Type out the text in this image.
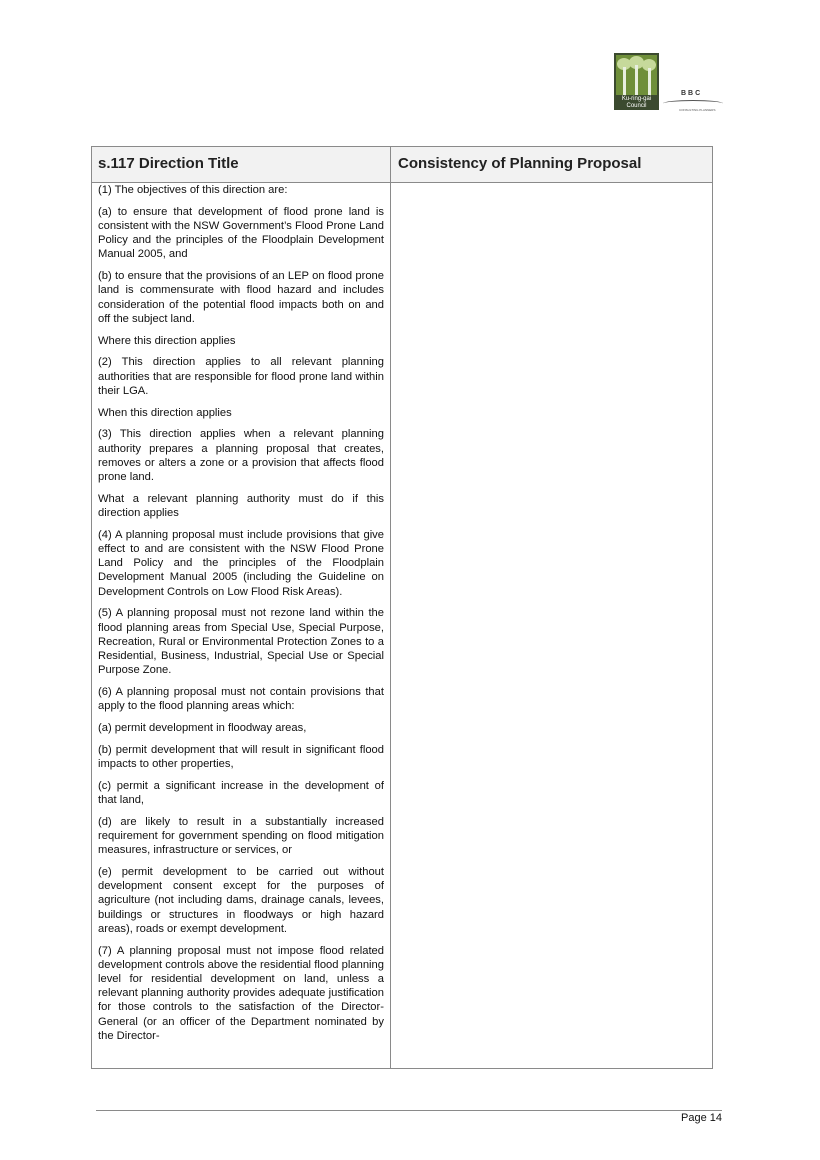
Ku-ring-gai Council
BBC
CONSULTING PLANNERS
s.117 Direction Title	Consistency of Planning Proposal

(1) The objectives of this direction are:

(a) to ensure that development of flood prone land is consistent with the NSW Government’s Flood Prone Land Policy and the principles of the Floodplain Development Manual 2005, and

(b) to ensure that the provisions of an LEP on flood prone land is commensurate with flood hazard and includes consideration of the potential flood impacts both on and off the subject land.

Where this direction applies

(2) This direction applies to all relevant planning authorities that are responsible for flood prone land within their LGA.

When this direction applies

(3) This direction applies when a relevant planning authority prepares a planning proposal that creates, removes or alters a zone or a provision that affects flood prone land.

What a relevant planning authority must do if this direction applies

(4) A planning proposal must include provisions that give effect to and are consistent with the NSW Flood Prone Land Policy and the principles of the Floodplain Development Manual 2005 (including the Guideline on Development Controls on Low Flood Risk Areas).

(5) A planning proposal must not rezone land within the flood planning areas from Special Use, Special Purpose, Recreation, Rural or Environmental Protection Zones to a Residential, Business, Industrial, Special Use or Special Purpose Zone.

(6) A planning proposal must not contain provisions that apply to the flood planning areas which:

(a) permit development in floodway areas,

(b) permit development that will result in significant flood impacts to other properties,

(c) permit a significant increase in the development of that land,

(d) are likely to result in a substantially increased requirement for government spending on flood mitigation measures, infrastructure or services, or

(e) permit development to be carried out without development consent except for the purposes of agriculture (not including dams, drainage canals, levees, buildings or structures in floodways or high hazard areas), roads or exempt development.

(7) A planning proposal must not impose flood related development controls above the residential flood planning level for residential development on land, unless a relevant planning authority provides adequate justification for those controls to the satisfaction of the Director-General (or an officer of the Department nominated by the Director-

Page 14
